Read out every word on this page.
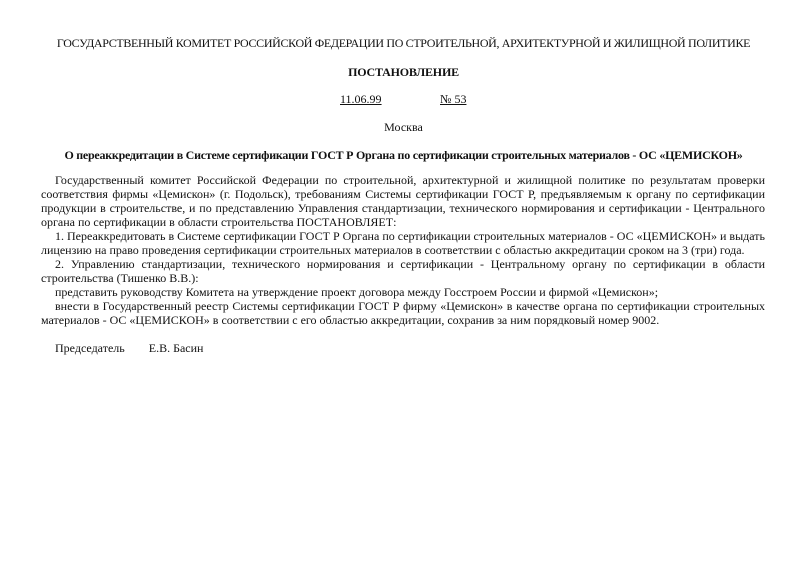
ГОСУДАРСТВЕННЫЙ КОМИТЕТ РОССИЙСКОЙ ФЕДЕРАЦИИ ПО СТРОИТЕЛЬНОЙ, АРХИТЕКТУРНОЙ И ЖИЛИЩНОЙ ПОЛИТИКЕ
ПОСТАНОВЛЕНИЕ
11.06.99	№ 53
Москва
О переаккредитации в Системе сертификации ГОСТ Р Органа по сертификации строительных материалов - ОС «ЦЕМИСКОН»

Государственный комитет Российской Федерации по строительной, архитектурной и жилищной политике по результатам проверки соответствия фирмы «Цемискон» (г. Подольск), требованиям Системы сертификации ГОСТ Р, предъявляемым к органу по сертификации продукции в строительстве, и по представлению Управления стандартизации, технического нормирования и сертификации - Центрального органа по сертификации в области строительства ПОСТАНОВЛЯЕТ:

1. Переаккредитовать в Системе сертификации ГОСТ Р Органа по сертификации строительных материалов - ОС «ЦЕМИСКОН» и выдать лицензию на право проведения сертификации строительных материалов в соответствии с областью аккредитации сроком на 3 (три) года.

2. Управлению стандартизации, технического нормирования и сертификации - Центральному органу по сертификации в области строительства (Тишенко В.В.):

представить руководству Комитета на утверждение проект договора между Госстроем России и фирмой «Цемискон»;

внести в Государственный реестр Системы сертификации ГОСТ Р фирму «Цемискон» в качестве органа по сертификации строительных материалов - ОС «ЦЕМИСКОН» в соответствии с его областью аккредитации, сохранив за ним порядковый номер 9002.

Председатель Е.В. Басин
